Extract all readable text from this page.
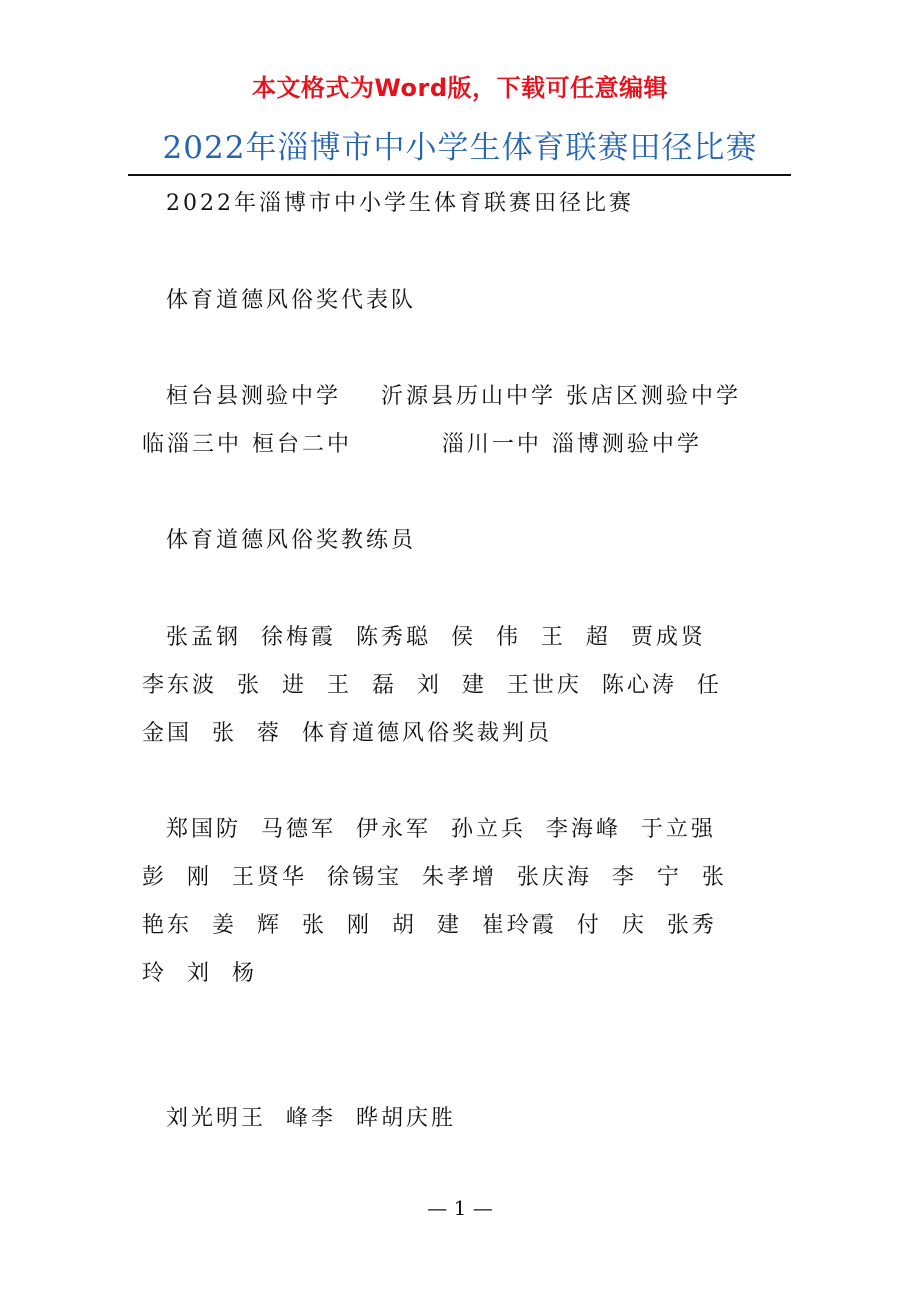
本文格式为Word版，下载可任意编辑
2022年淄博市中小学生体育联赛田径比赛

2022年淄博市中小学生体育联赛田径比赛

体育道德风俗奖代表队

桓台县测验中学    沂源县历山中学 张店区测验中学

临淄三中 桓台二中         淄川一中 淄博测验中学

体育道德风俗奖教练员

张孟钢  徐梅霞  陈秀聪  侯  伟  王  超  贾成贤

李东波  张  进  王  磊  刘  建  王世庆  陈心涛  任

金国  张  蓉  体育道德风俗奖裁判员

郑国防  马德军  伊永军  孙立兵  李海峰  于立强

彭  刚  王贤华  徐锡宝  朱孝增  张庆海  李  宁  张

艳东  姜  辉  张  刚  胡  建  崔玲霞  付  庆  张秀

玲  刘  杨

刘光明王  峰李  晔胡庆胜

— 1 —
